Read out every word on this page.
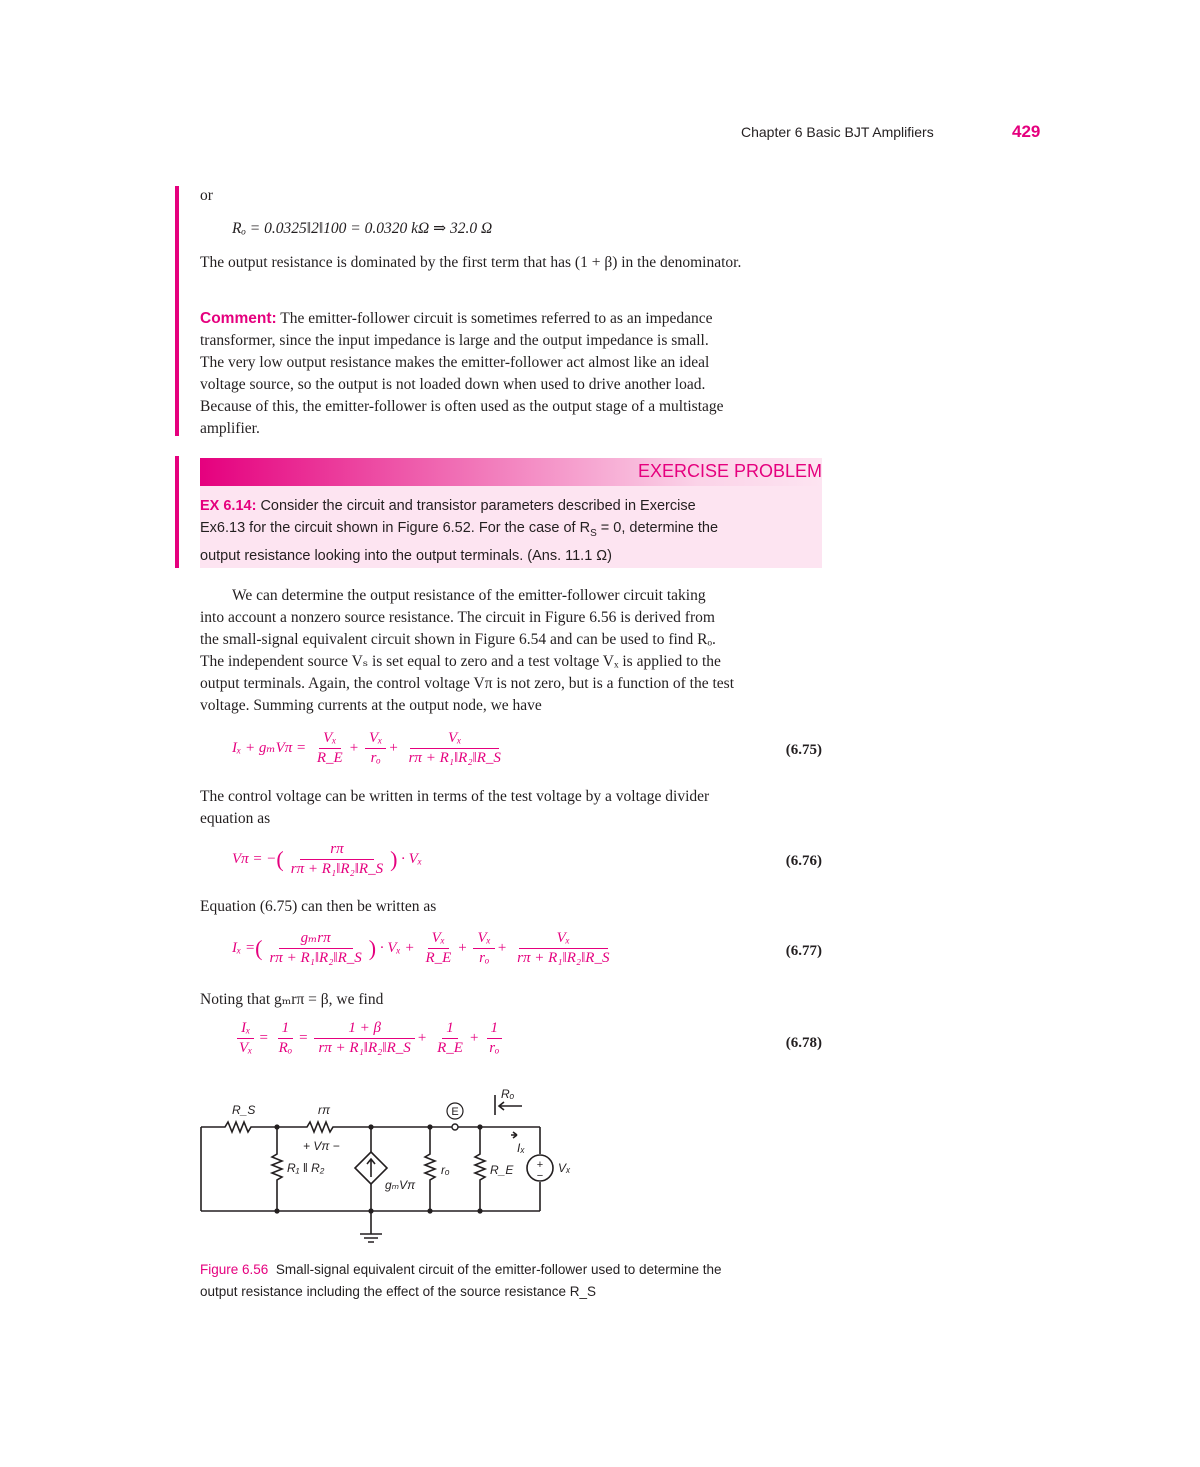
Chapter 6 Basic BJT Amplifiers	429
or
Rₒ = 0.0325‖2‖100 = 0.0320 kΩ ⇒ 32.0 Ω
The output resistance is dominated by the first term that has (1 + β) in the denominator.
Comment: The emitter-follower circuit is sometimes referred to as an impedance
transformer, since the input impedance is large and the output impedance is small.
The very low output resistance makes the emitter-follower act almost like an ideal
voltage source, so the output is not loaded down when used to drive another load.
Because of this, the emitter-follower is often used as the output stage of a multistage
amplifier.
EXERCISE PROBLEM
EX 6.14: Consider the circuit and transistor parameters described in Exercise
Ex6.13 for the circuit shown in Figure 6.52. For the case of $R_S = 0$, determine the
output resistance looking into the output terminals. (Ans. 11.1 Ω)
We can determine the output resistance of the emitter-follower circuit taking
into account a nonzero source resistance. The circuit in Figure 6.56 is derived from
the small-signal equivalent circuit shown in Figure 6.54 and can be used to find Rₒ.
The independent source Vₛ is set equal to zero and a test voltage Vₓ is applied to the
output terminals. Again, the control voltage Vπ is not zero, but is a function of the test
voltage. Summing currents at the output node, we have
$I_x + g_mV\pi = \frac{\text{Vₓ}}{R\_E} + \frac{\text{Vₓ}}{\text{rₒ}} + \frac{\text{Vₓ}}{\text{rπ + R₁‖R₂‖R\_S}}$	(6.75)
The control voltage can be written in terms of the test voltage by a voltage divider
equation as
Vπ = −( $\frac{r\pi}{\text{rπ + R₁‖R₂‖R\_S}}$ ) · Vₓ	(6.76)
Equation (6.75) can then be written as
Iₓ =( $\frac{\text{gₘrπ}}{\text{rπ + R₁‖R₂‖R\_S}}$ ) · $V_x + \frac{\text{Vₓ}}{R\_E} + \frac{\text{Vₓ}}{\text{rₒ}} + \frac{\text{Vₓ}}{\text{rπ + R₁‖R₂‖R\_S}}$	(6.77)
Noting that gₘrπ = β, we find
$\frac{\text{Iₓ}}{\text{Vₓ}} = \frac{1}{\text{Rₒ}} = \frac{1 + \beta}{\text{rπ + R₁‖R₂‖R\_S}} + \frac{1}{R\_E} + \frac{1}{\text{rₒ}}$	(6.78)
R_S	rπ
+ Vπ −
R₁ ‖ R₂
gₘVπ
rₒ	R_E
Iₓ
Vₓ
Rₒ
E
+
−
Figure 6.56 Small-signal equivalent circuit of the emitter-follower used to determine the
output resistance including the effect of the source resistance R_S
